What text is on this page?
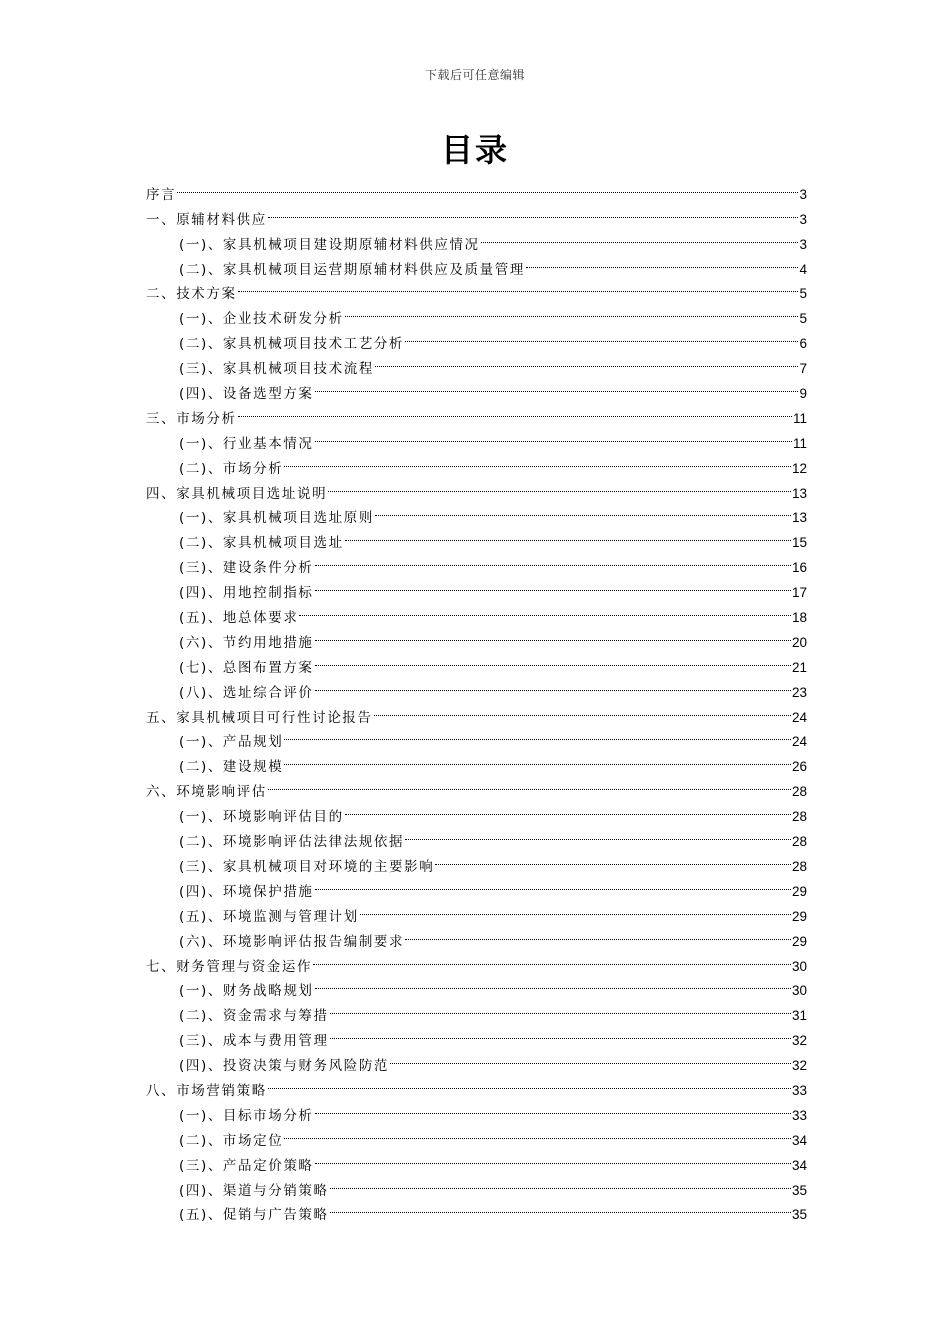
下载后可任意编辑
目录
序言	3
一、原辅材料供应	3
(一)、家具机械项目建设期原辅材料供应情况	3
(二)、家具机械项目运营期原辅材料供应及质量管理	4
二、技术方案	5
(一)、企业技术研发分析	5
(二)、家具机械项目技术工艺分析	6
(三)、家具机械项目技术流程	7
(四)、设备选型方案	9
三、市场分析	11
(一)、行业基本情况	11
(二)、市场分析	12
四、家具机械项目选址说明	13
(一)、家具机械项目选址原则	13
(二)、家具机械项目选址	15
(三)、建设条件分析	16
(四)、用地控制指标	17
(五)、地总体要求	18
(六)、节约用地措施	20
(七)、总图布置方案	21
(八)、选址综合评价	23
五、家具机械项目可行性讨论报告	24
(一)、产品规划	24
(二)、建设规模	26
六、环境影响评估	28
(一)、环境影响评估目的	28
(二)、环境影响评估法律法规依据	28
(三)、家具机械项目对环境的主要影响	28
(四)、环境保护措施	29
(五)、环境监测与管理计划	29
(六)、环境影响评估报告编制要求	29
七、财务管理与资金运作	30
(一)、财务战略规划	30
(二)、资金需求与筹措	31
(三)、成本与费用管理	32
(四)、投资决策与财务风险防范	32
八、市场营销策略	33
(一)、目标市场分析	33
(二)、市场定位	34
(三)、产品定价策略	34
(四)、渠道与分销策略	35
(五)、促销与广告策略	35
